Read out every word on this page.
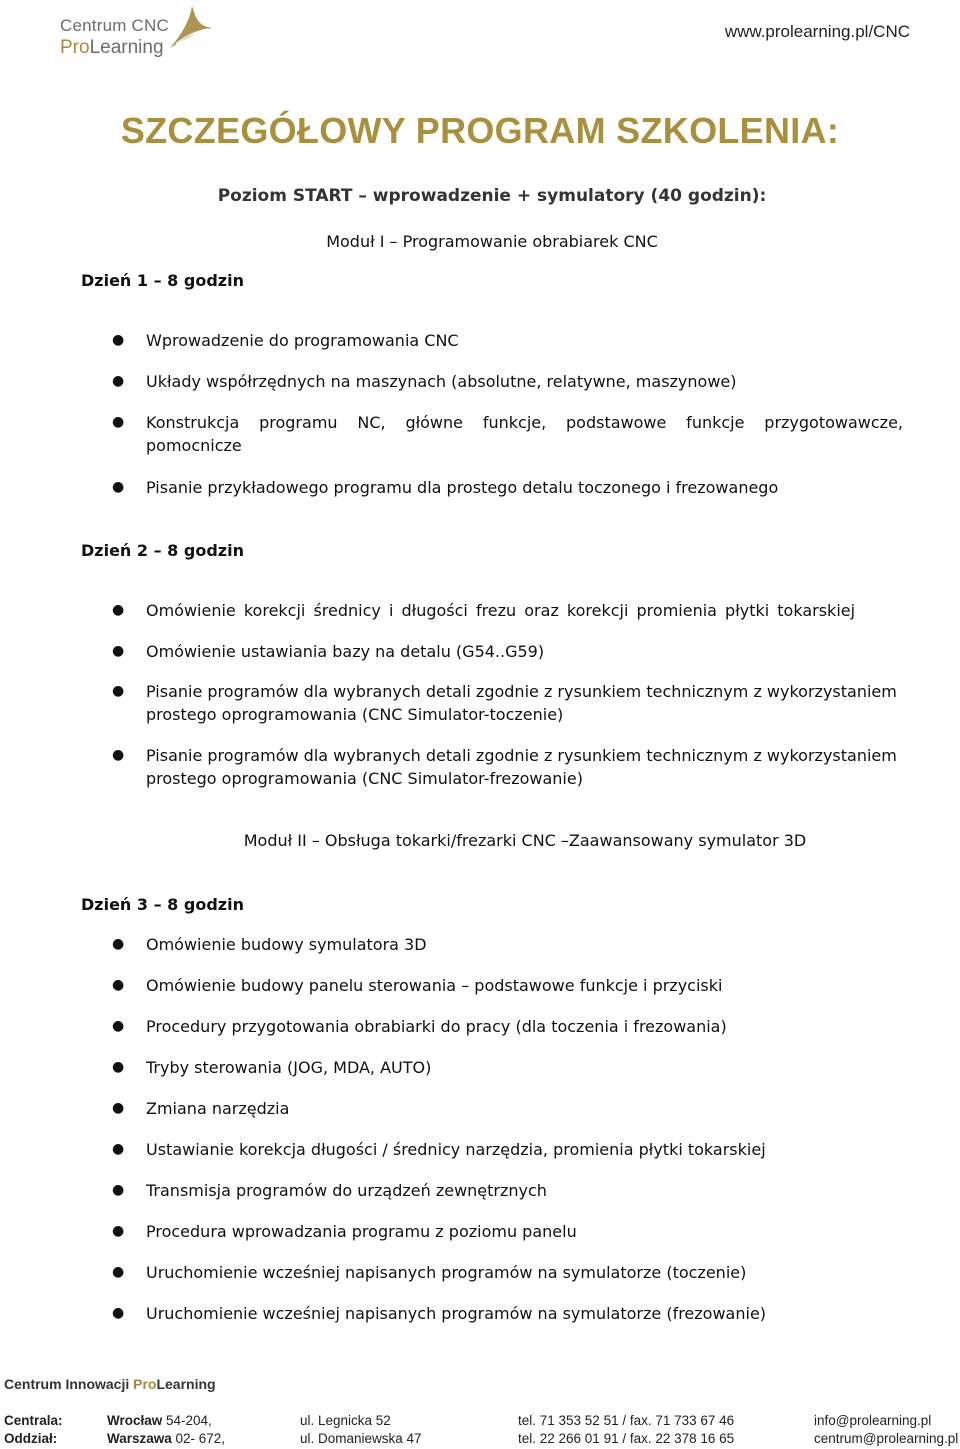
Centrum CNC
ProLearning
www.prolearning.pl/CNC
SZCZEGÓŁOWY PROGRAM SZKOLENIA:
Poziom START – wprowadzenie + symulatory (40 godzin):
Moduł I – Programowanie obrabiarek CNC
Dzień 1 – 8 godzin
● Wprowadzenie do programowania CNC
● Układy współrzędnych na maszynach (absolutne, relatywne, maszynowe)
● Konstrukcja programu NC, główne funkcje, podstawowe funkcje przygotowawcze, pomocnicze
● Pisanie przykładowego programu dla prostego detalu toczonego i frezowanego
Dzień 2 – 8 godzin
● Omówienie korekcji średnicy i długości frezu oraz korekcji promienia płytki tokarskiej
● Omówienie ustawiania bazy na detalu (G54..G59)
● Pisanie programów dla wybranych detali zgodnie z rysunkiem technicznym z wykorzystaniem prostego oprogramowania (CNC Simulator-toczenie)
● Pisanie programów dla wybranych detali zgodnie z rysunkiem technicznym z wykorzystaniem prostego oprogramowania (CNC Simulator-frezowanie)
Moduł II – Obsługa tokarki/frezarki CNC –Zaawansowany symulator 3D
Dzień 3 – 8 godzin
● Omówienie budowy symulatora 3D
● Omówienie budowy panelu sterowania – podstawowe funkcje i przyciski
● Procedury przygotowania obrabiarki do pracy (dla toczenia i frezowania)
● Tryby sterowania (JOG, MDA, AUTO)
● Zmiana narzędzia
● Ustawianie korekcja długości / średnicy narzędzia, promienia płytki tokarskiej
● Transmisja programów do urządzeń zewnętrznych
● Procedura wprowadzania programu z poziomu panelu
● Uruchomienie wcześniej napisanych programów na symulatorze (toczenie)
● Uruchomienie wcześniej napisanych programów na symulatorze (frezowanie)
Centrum Innowacji ProLearning
Centrala:	Wrocław 54-204,	ul. Legnicka 52	tel. 71 353 52 51 / fax. 71 733 67 46	info@prolearning.pl
Oddział:	Warszawa 02- 672,	ul. Domaniewska 47	tel. 22 266 01 91 / fax. 22 378 16 65	centrum@prolearning.pl
